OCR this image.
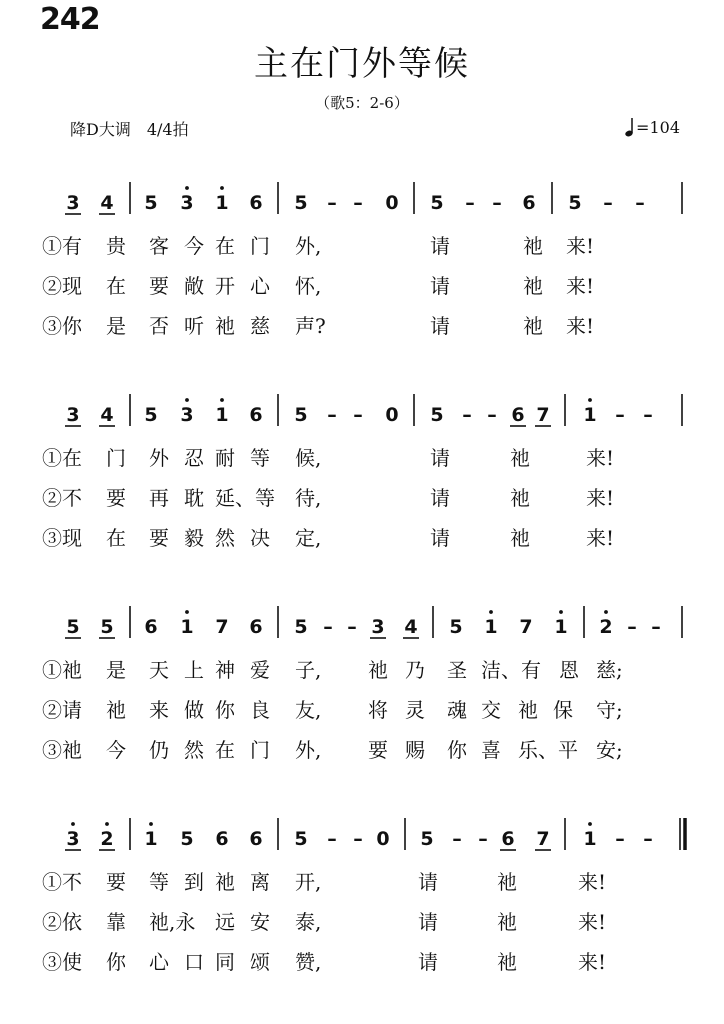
242
主在门外等候
（歌5：2-6）
降D大调　4/4拍	=104
3 4 5 3 1 6 5 – – 0 5 – – 6 5 – –
①有 贵 客 今 在 门 外,	请	祂 来!
②现 在 要 敞 开 心 怀,	请	祂 来!
③你 是 否 听 祂 慈 声?	请	祂 来!
3 4 5 3 1 6 5 – – 0 5 – – 6 7 1 – –
①在 门 外 忍 耐 等 候,	请	祂	来!
②不 要 再 耽 延、等 待,	请	祂	来!
③现 在 要 毅 然 决 定,	请	祂	来!
5 5 6 1 7 6 5 – – 3 4 5 1 7 1 2 – –
①祂 是 天 上 神 爱 子, 祂 乃 圣 洁、有 恩 慈;
②请 祂 来 做 你 良 友, 将 灵 魂 交 祂 保 守;
③祂 今 仍 然 在 门 外, 要 赐 你 喜 乐、平 安;
3 2 1 5 6 6 5 – – 0 5 – – 6 7 1 – –
①不 要 等 到 祂 离 开,	请	祂	来!
②依 靠 祂,永 远 安 泰,	请	祂	来!
③使 你 心 口 同 颂 赞,	请	祂	来!
